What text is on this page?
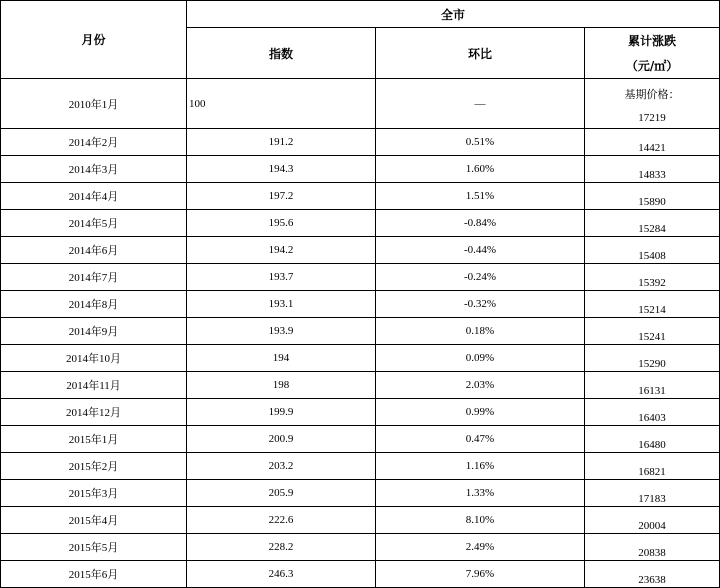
月份	全市		
	指数	环比	累计涨跌
（元/㎡）

2010年1月	100	—	基期价格：
17219

2014年2月	191.2	0.51%	14421
2014年3月	194.3	1.60%	14833
2014年4月	197.2	1.51%	15890
2014年5月	195.6	-0.84%	15284
2014年6月	194.2	-0.44%	15408
2014年7月	193.7	-0.24%	15392
2014年8月	193.1	-0.32%	15214
2014年9月	193.9	0.18%	15241
2014年10月	194	0.09%	15290
2014年11月	198	2.03%	16131
2014年12月	199.9	0.99%	16403
2015年1月	200.9	0.47%	16480
2015年2月	203.2	1.16%	16821
2015年3月	205.9	1.33%	17183
2015年4月	222.6	8.10%	20004
2015年5月	228.2	2.49%	20838
2015年6月	246.3	7.96%	23638
